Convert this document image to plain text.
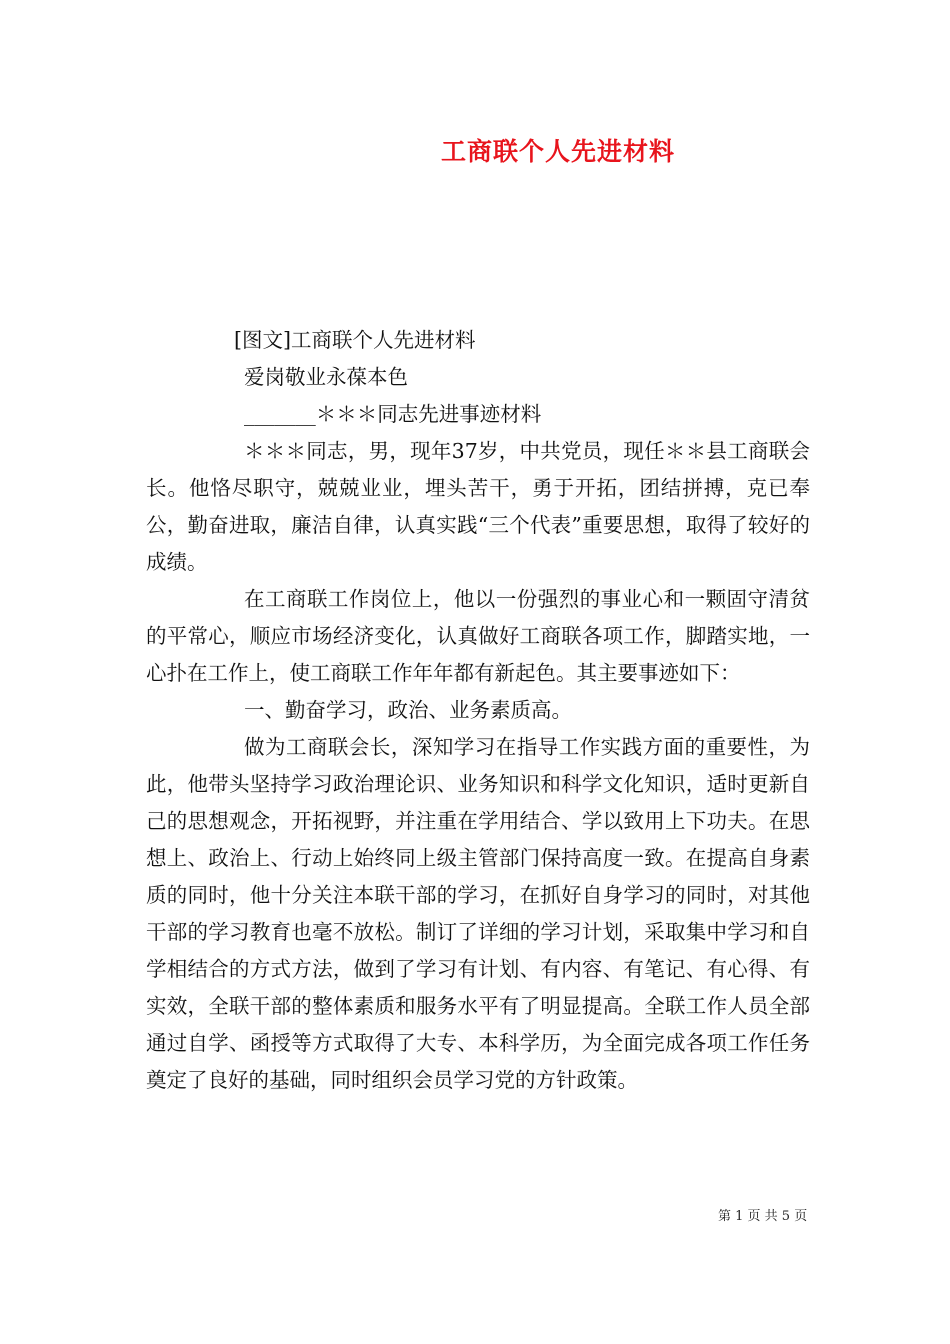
工商联个人先进材料

[图文]工商联个人先进材料

爱岗敬业永葆本色

_______＊＊＊同志先进事迹材料

＊＊＊同志，男，现年37岁，中共党员，现任＊＊县工商联会长。他恪尽职守，兢兢业业，埋头苦干，勇于开拓，团结拼搏，克已奉公，勤奋进取，廉洁自律，认真实践“三个代表”重要思想，取得了较好的成绩。

在工商联工作岗位上，他以一份强烈的事业心和一颗固守清贫的平常心，顺应市场经济变化，认真做好工商联各项工作，脚踏实地，一心扑在工作上，使工商联工作年年都有新起色。其主要事迹如下：

一、勤奋学习，政治、业务素质高。

做为工商联会长，深知学习在指导工作实践方面的重要性，为此，他带头坚持学习政治理论识、业务知识和科学文化知识，适时更新自己的思想观念，开拓视野，并注重在学用结合、学以致用上下功夫。在思想上、政治上、行动上始终同上级主管部门保持高度一致。在提高自身素质的同时，他十分关注本联干部的学习，在抓好自身学习的同时，对其他干部的学习教育也毫不放松。制订了详细的学习计划，采取集中学习和自学相结合的方式方法，做到了学习有计划、有内容、有笔记、有心得、有实效，全联干部的整体素质和服务水平有了明显提高。全联工作人员全部通过自学、函授等方式取得了大专、本科学历，为全面完成各项工作任务奠定了良好的基础，同时组织会员学习党的方针政策。

第 1 页 共 5 页
